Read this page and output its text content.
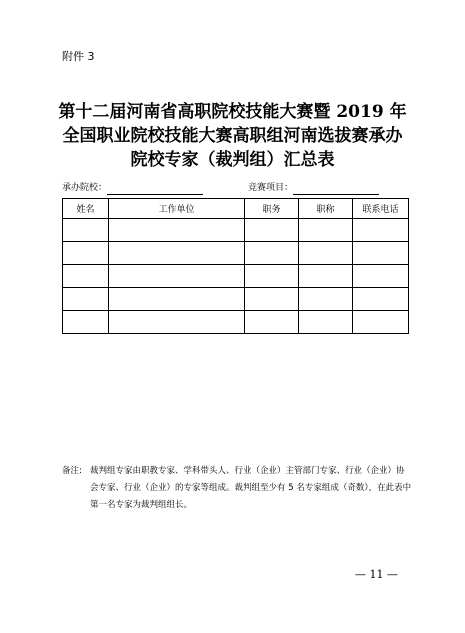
附件 3
第十二届河南省高职院校技能大赛暨 2019 年
全国职业院校技能大赛高职组河南选拔赛承办
院校专家（裁判组）汇总表
承办院校：	竞赛项目：
姓名	工作单位	职务	职称	联系电话

备注: 裁判组专家由职教专家、学科带头人、行业（企业）主管部门专家、行业（企业）协会专家、行业（企业）的专家等组成。裁判组至少有 5 名专家组成（奇数），在此表中第一名专家为裁判组组长。
— 11 —
